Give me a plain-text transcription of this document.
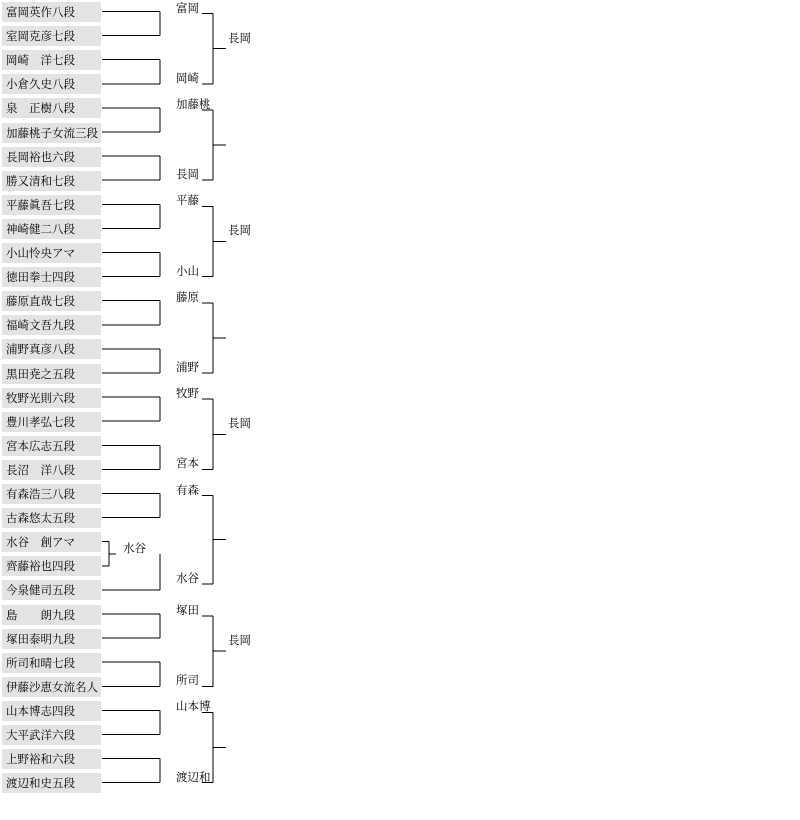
富岡英作八段
室岡克彦七段
岡崎　洋七段
小倉久史八段
泉　正樹八段
加藤桃子女流三段
長岡裕也六段
勝又清和七段
平藤眞吾七段
神崎健二八段
小山怜央アマ
徳田拳士四段
藤原直哉七段
福崎文吾九段
浦野真彦八段
黒田尭之五段
牧野光則六段
豊川孝弘七段
宮本広志五段
長沼　洋八段
有森浩三八段
古森悠太五段
水谷　創アマ
齊藤裕也四段
今泉健司五段
島　　朗九段
塚田泰明九段
所司和晴七段
伊藤沙恵女流名人
山本博志四段
大平武洋六段
上野裕和六段
渡辺和史五段
水谷
富岡
岡崎
加藤桃
長岡
平藤
小山
藤原
浦野
牧野
宮本
有森
水谷
塚田
所司
山本博
渡辺和
長岡
長岡
長岡
長岡
